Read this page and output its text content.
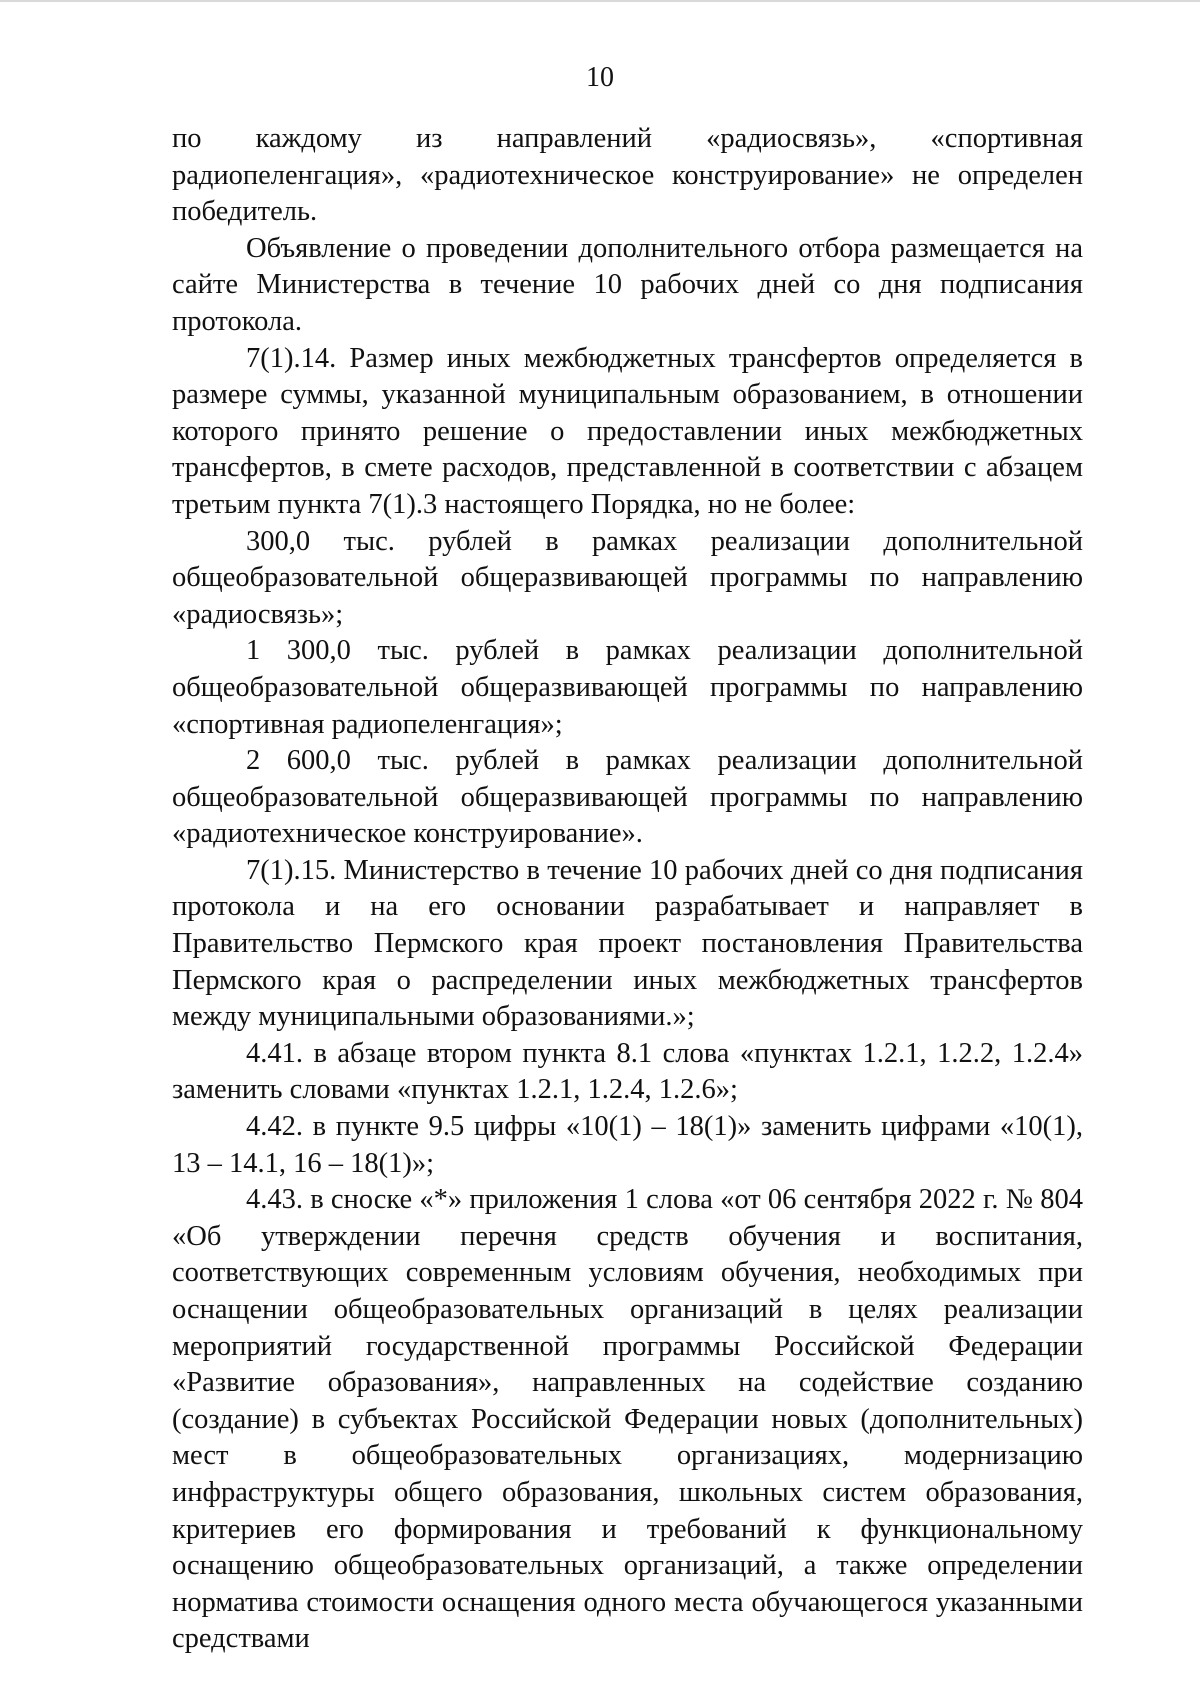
10

по каждому из направлений «радиосвязь», «спортивная радиопеленгация», «радиотехническое конструирование» не определен победитель.

Объявление о проведении дополнительного отбора размещается на сайте Министерства в течение 10 рабочих дней со дня подписания протокола.

7(1).14. Размер иных межбюджетных трансфертов определяется в размере суммы, указанной муниципальным образованием, в отношении которого принято решение о предоставлении иных межбюджетных трансфертов, в смете расходов, представленной в соответствии с абзацем третьим пункта 7(1).3 настоящего Порядка, но не более:

300,0 тыс. рублей в рамках реализации дополнительной общеобразовательной общеразвивающей программы по направлению «радиосвязь»;

1 300,0 тыс. рублей в рамках реализации дополнительной общеобразовательной общеразвивающей программы по направлению «спортивная радиопеленгация»;

2 600,0 тыс. рублей в рамках реализации дополнительной общеобразовательной общеразвивающей программы по направлению «радиотехническое конструирование».

7(1).15. Министерство в течение 10 рабочих дней со дня подписания протокола и на его основании разрабатывает и направляет в Правительство Пермского края проект постановления Правительства Пермского края о распределении иных межбюджетных трансфертов между муниципальными образованиями.»;

4.41. в абзаце втором пункта 8.1 слова «пунктах 1.2.1, 1.2.2, 1.2.4» заменить словами «пунктах 1.2.1, 1.2.4, 1.2.6»;

4.42. в пункте 9.5 цифры «10(1) – 18(1)» заменить цифрами «10(1), 13 – 14.1, 16 – 18(1)»;

4.43. в сноске «*» приложения 1 слова «от 06 сентября 2022 г. № 804 «Об утверждении перечня средств обучения и воспитания, соответствующих современным условиям обучения, необходимых при оснащении общеобразовательных организаций в целях реализации мероприятий государственной программы Российской Федерации «Развитие образования», направленных на содействие созданию (создание) в субъектах Российской Федерации новых (дополнительных) мест в общеобразовательных организациях, модернизацию инфраструктуры общего образования, школьных систем образования, критериев его формирования и требований к функциональному оснащению общеобразовательных организаций, а также определении норматива стоимости оснащения одного места обучающегося указанными средствами
